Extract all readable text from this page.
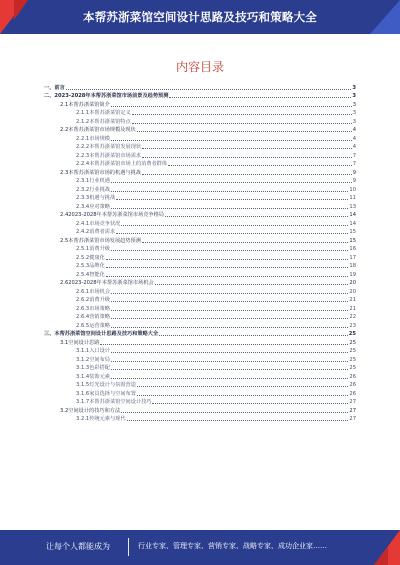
本帮苏浙菜馆空间设计思路及技巧和策略大全
内容目录
一、 前言	3
二、 2023-2028年本帮苏浙菜馆市场前景及趋势预测	3
2.1 本帮苏浙菜馆简介	3
2.1.1 本帮苏浙菜馆定义	3
2.1.2 本帮苏浙菜馆特点	3
2.2 本帮苏浙菜馆市场规模及现状	4
2.2.1 市场规模	4
2.2.2 本帮苏浙菜馆发展现状	4
2.2.3 本帮苏浙菜馆市场需求	7
2.2.4 本帮苏浙菜馆市场上的消费者群体	7
2.3 本帮苏浙菜馆市场的机遇与挑战	9
2.3.1 行业机遇	9
2.3.2 行业挑战	10
2.3.3 机遇与挑战	11
2.3.4 应对策略	13
2.4 2023-2028年本帮苏浙菜馆市场竞争格局	14
2.4.1 市场竞争状况	14
2.4.2 消费者需求	15
2.5 本帮苏浙菜馆市场发展趋势预测	15
2.5.1 消费升级	16
2.5.2 健康化	17
2.5.3 品牌化	18
2.5.4 智能化	19
2.6 2023-2028年本帮苏浙菜馆市场机会	20
2.6.1 市场机会	20
2.6.2 消费升级	21
2.6.3 市场策略	21
2.6.4 营销策略	22
2.6.5 运营策略	23
三、 本帮苏浙菜馆空间设计思路及技巧和策略大全	25
3.1 空间设计思路	25
3.1.1 入口设计	25
3.1.2 空间布局	25
3.1.3 色彩搭配	25
3.1.4 装饰元素	26
3.1.5 灯光设计与氛围营造	26
3.1.6 家具选择与空间布置	26
3.1.7 本帮苏浙菜馆空间设计技巧	27
3.2 空间设计的技巧和方法	27
3.2.1 传统元素与现代	27
让每个人都能成为	行业专家、管理专家、营销专家、战略专家、成功企业家……
